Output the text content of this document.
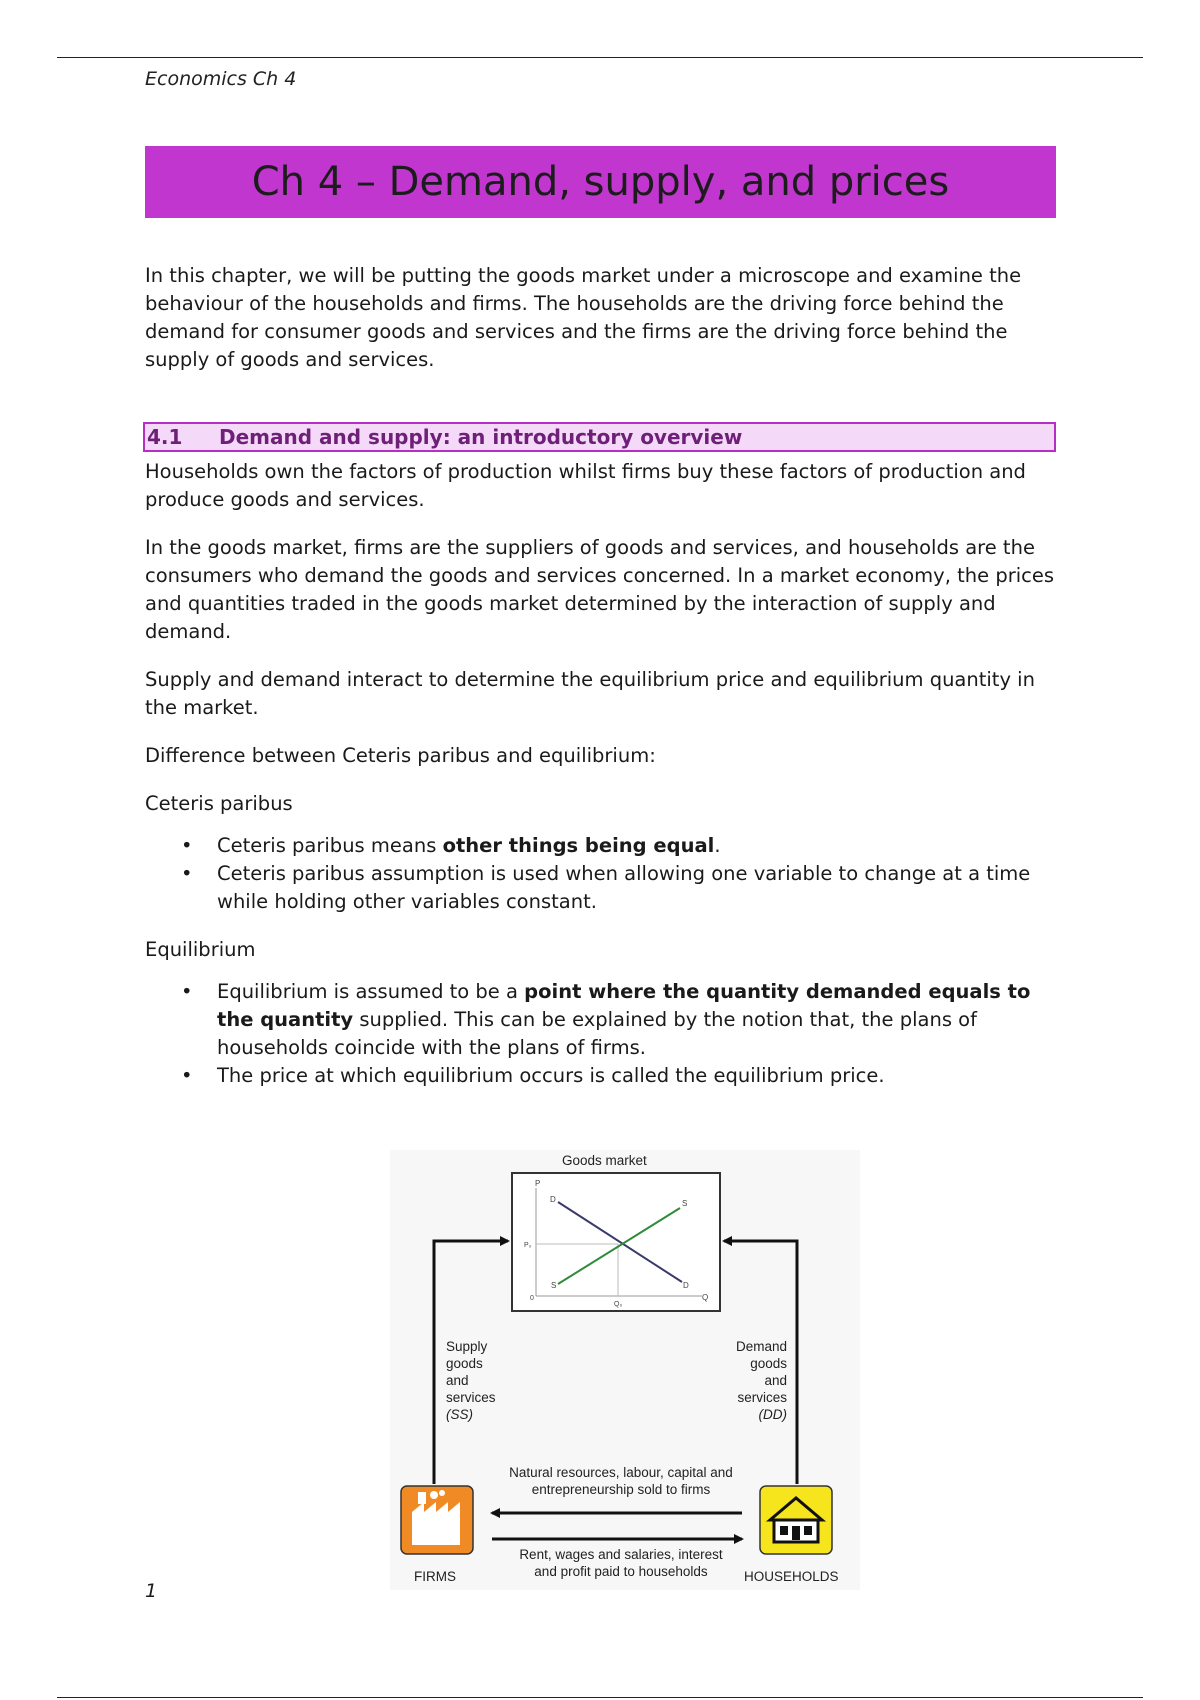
Economics Ch 4
Ch 4 – Demand, supply, and prices

In this chapter, we will be putting the goods market under a microscope and examine the behaviour of the households and firms. The households are the driving force behind the demand for consumer goods and services and the firms are the driving force behind the supply of goods and services.

4.1	Demand and supply: an introductory overview

Households own the factors of production whilst firms buy these factors of production and produce goods and services.

In the goods market, firms are the suppliers of goods and services, and households are the consumers who demand the goods and services concerned. In a market economy, the prices and quantities traded in the goods market determined by the interaction of supply and demand.

Supply and demand interact to determine the equilibrium price and equilibrium quantity in the market.

Difference between Ceteris paribus and equilibrium:

Ceteris paribus

• Ceteris paribus means other things being equal.
• Ceteris paribus assumption is used when allowing one variable to change at a time while holding other variables constant.

Equilibrium

• Equilibrium is assumed to be a point where the quantity demanded equals to the quantity supplied. This can be explained by the notion that, the plans of households coincide with the plans of firms.
• The price at which equilibrium occurs is called the equilibrium price.
P
Q
D
D
S
S
P₀
Q₀
0
Goods market
Supply
goods
and
services
(SS)
Demand
goods
and
services
(DD)
Natural resources, labour, capital and
entrepreneurship sold to firms
Rent, wages and salaries, interest
and profit paid to households
FIRMS	HOUSEHOLDS
1
